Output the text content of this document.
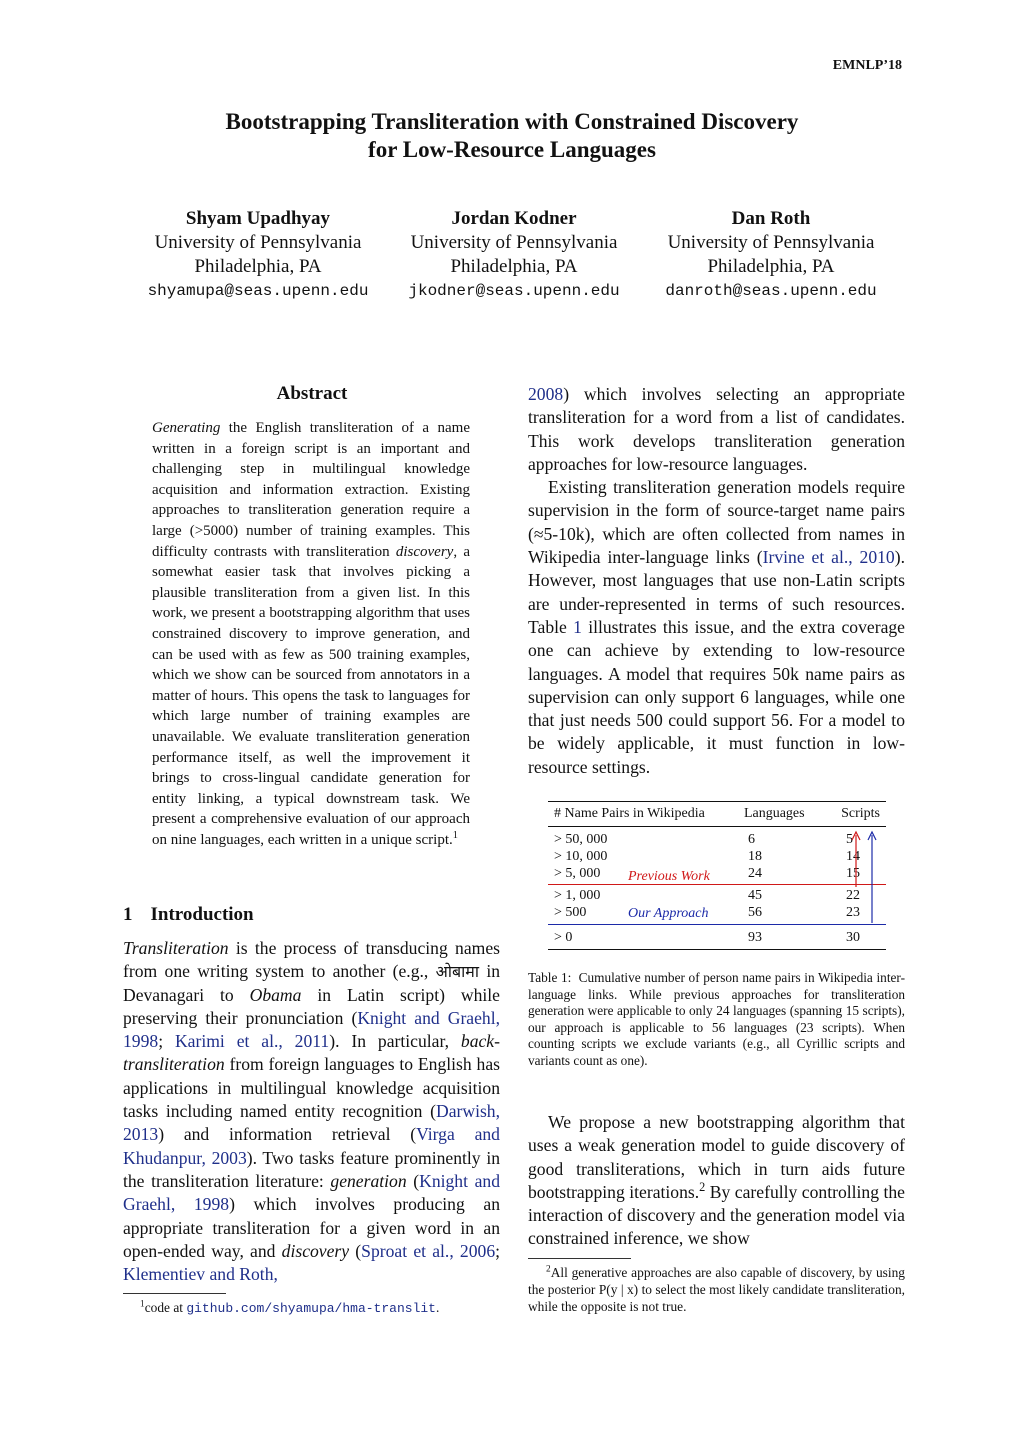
EMNLP’18
Bootstrapping Transliteration with Constrained Discovery
for Low-Resource Languages
Shyam Upadhyay
University of Pennsylvania
Philadelphia, PA
shyamupa@seas.upenn.edu
Jordan Kodner
University of Pennsylvania
Philadelphia, PA
jkodner@seas.upenn.edu
Dan Roth
University of Pennsylvania
Philadelphia, PA
danroth@seas.upenn.edu
Abstract
Generating the English transliteration of a name written in a foreign script is an important and challenging step in multilingual knowledge acquisition and information extraction. Existing approaches to transliteration generation require a large (>5000) number of training examples. This difficulty contrasts with transliteration discovery, a somewhat easier task that involves picking a plausible transliteration from a given list. In this work, we present a bootstrapping algorithm that uses constrained discovery to improve generation, and can be used with as few as 500 training examples, which we show can be sourced from annotators in a matter of hours. This opens the task to languages for which large number of training examples are unavailable. We evaluate transliteration generation performance itself, as well the improvement it brings to cross-lingual candidate generation for entity linking, a typical downstream task. We present a comprehensive evaluation of our approach on nine languages, each written in a unique script.$^1$
1 Introduction

Transliteration is the process of transducing names from one writing system to another (e.g., ओबामा in Devanagari to Obama in Latin script) while preserving their pronunciation (Knight and Graehl, 1998; Karimi et al., 2011). In particular, back-transliteration from foreign languages to English has applications in multilingual knowledge acquisition tasks including named entity recognition (Darwish, 2013) and information retrieval (Virga and Khudanpur, 2003). Two tasks feature prominently in the transliteration literature: generation (Knight and Graehl, 1998) which involves producing an appropriate transliteration for a given word in an open-ended way, and discovery (Sproat et al., 2006; Klementiev and Roth,

$^1$code at github.com/shyamupa/hma-translit.

2008) which involves selecting an appropriate transliteration for a word from a list of candidates. This work develops transliteration generation approaches for low-resource languages.

Existing transliteration generation models require supervision in the form of source-target name pairs (≈5-10k), which are often collected from names in Wikipedia inter-language links (Irvine et al., 2010). However, most languages that use non-Latin scripts are under-represented in terms of such resources. Table 1 illustrates this issue, and the extra coverage one can achieve by extending to low-resource languages. A model that requires 50k name pairs as supervision can only support 6 languages, while one that just needs 500 could support 56. For a model to be widely applicable, it must function in low-resource settings.

# Name Pairs in Wikipedia	Languages	Scripts
> 50, 000	6	5
> 10, 000	18	14
> 5, 000	24	15
> 1, 000	45	22
> 500	56	23
> 0	93	30
Previous Work
Our Approach
Table 1: Cumulative number of person name pairs in Wikipedia inter-language links. While previous approaches for transliteration generation were applicable to only 24 languages (spanning 15 scripts), our approach is applicable to 56 languages (23 scripts). When counting scripts we exclude variants (e.g., all Cyrillic scripts and variants count as one).

We propose a new bootstrapping algorithm that uses a weak generation model to guide discovery of good transliterations, which in turn aids future bootstrapping iterations.$^2$ By carefully controlling the interaction of discovery and the generation model via constrained inference, we show

$^2$All generative approaches are also capable of discovery, by using the posterior P(y | x) to select the most likely candidate transliteration, while the opposite is not true.
